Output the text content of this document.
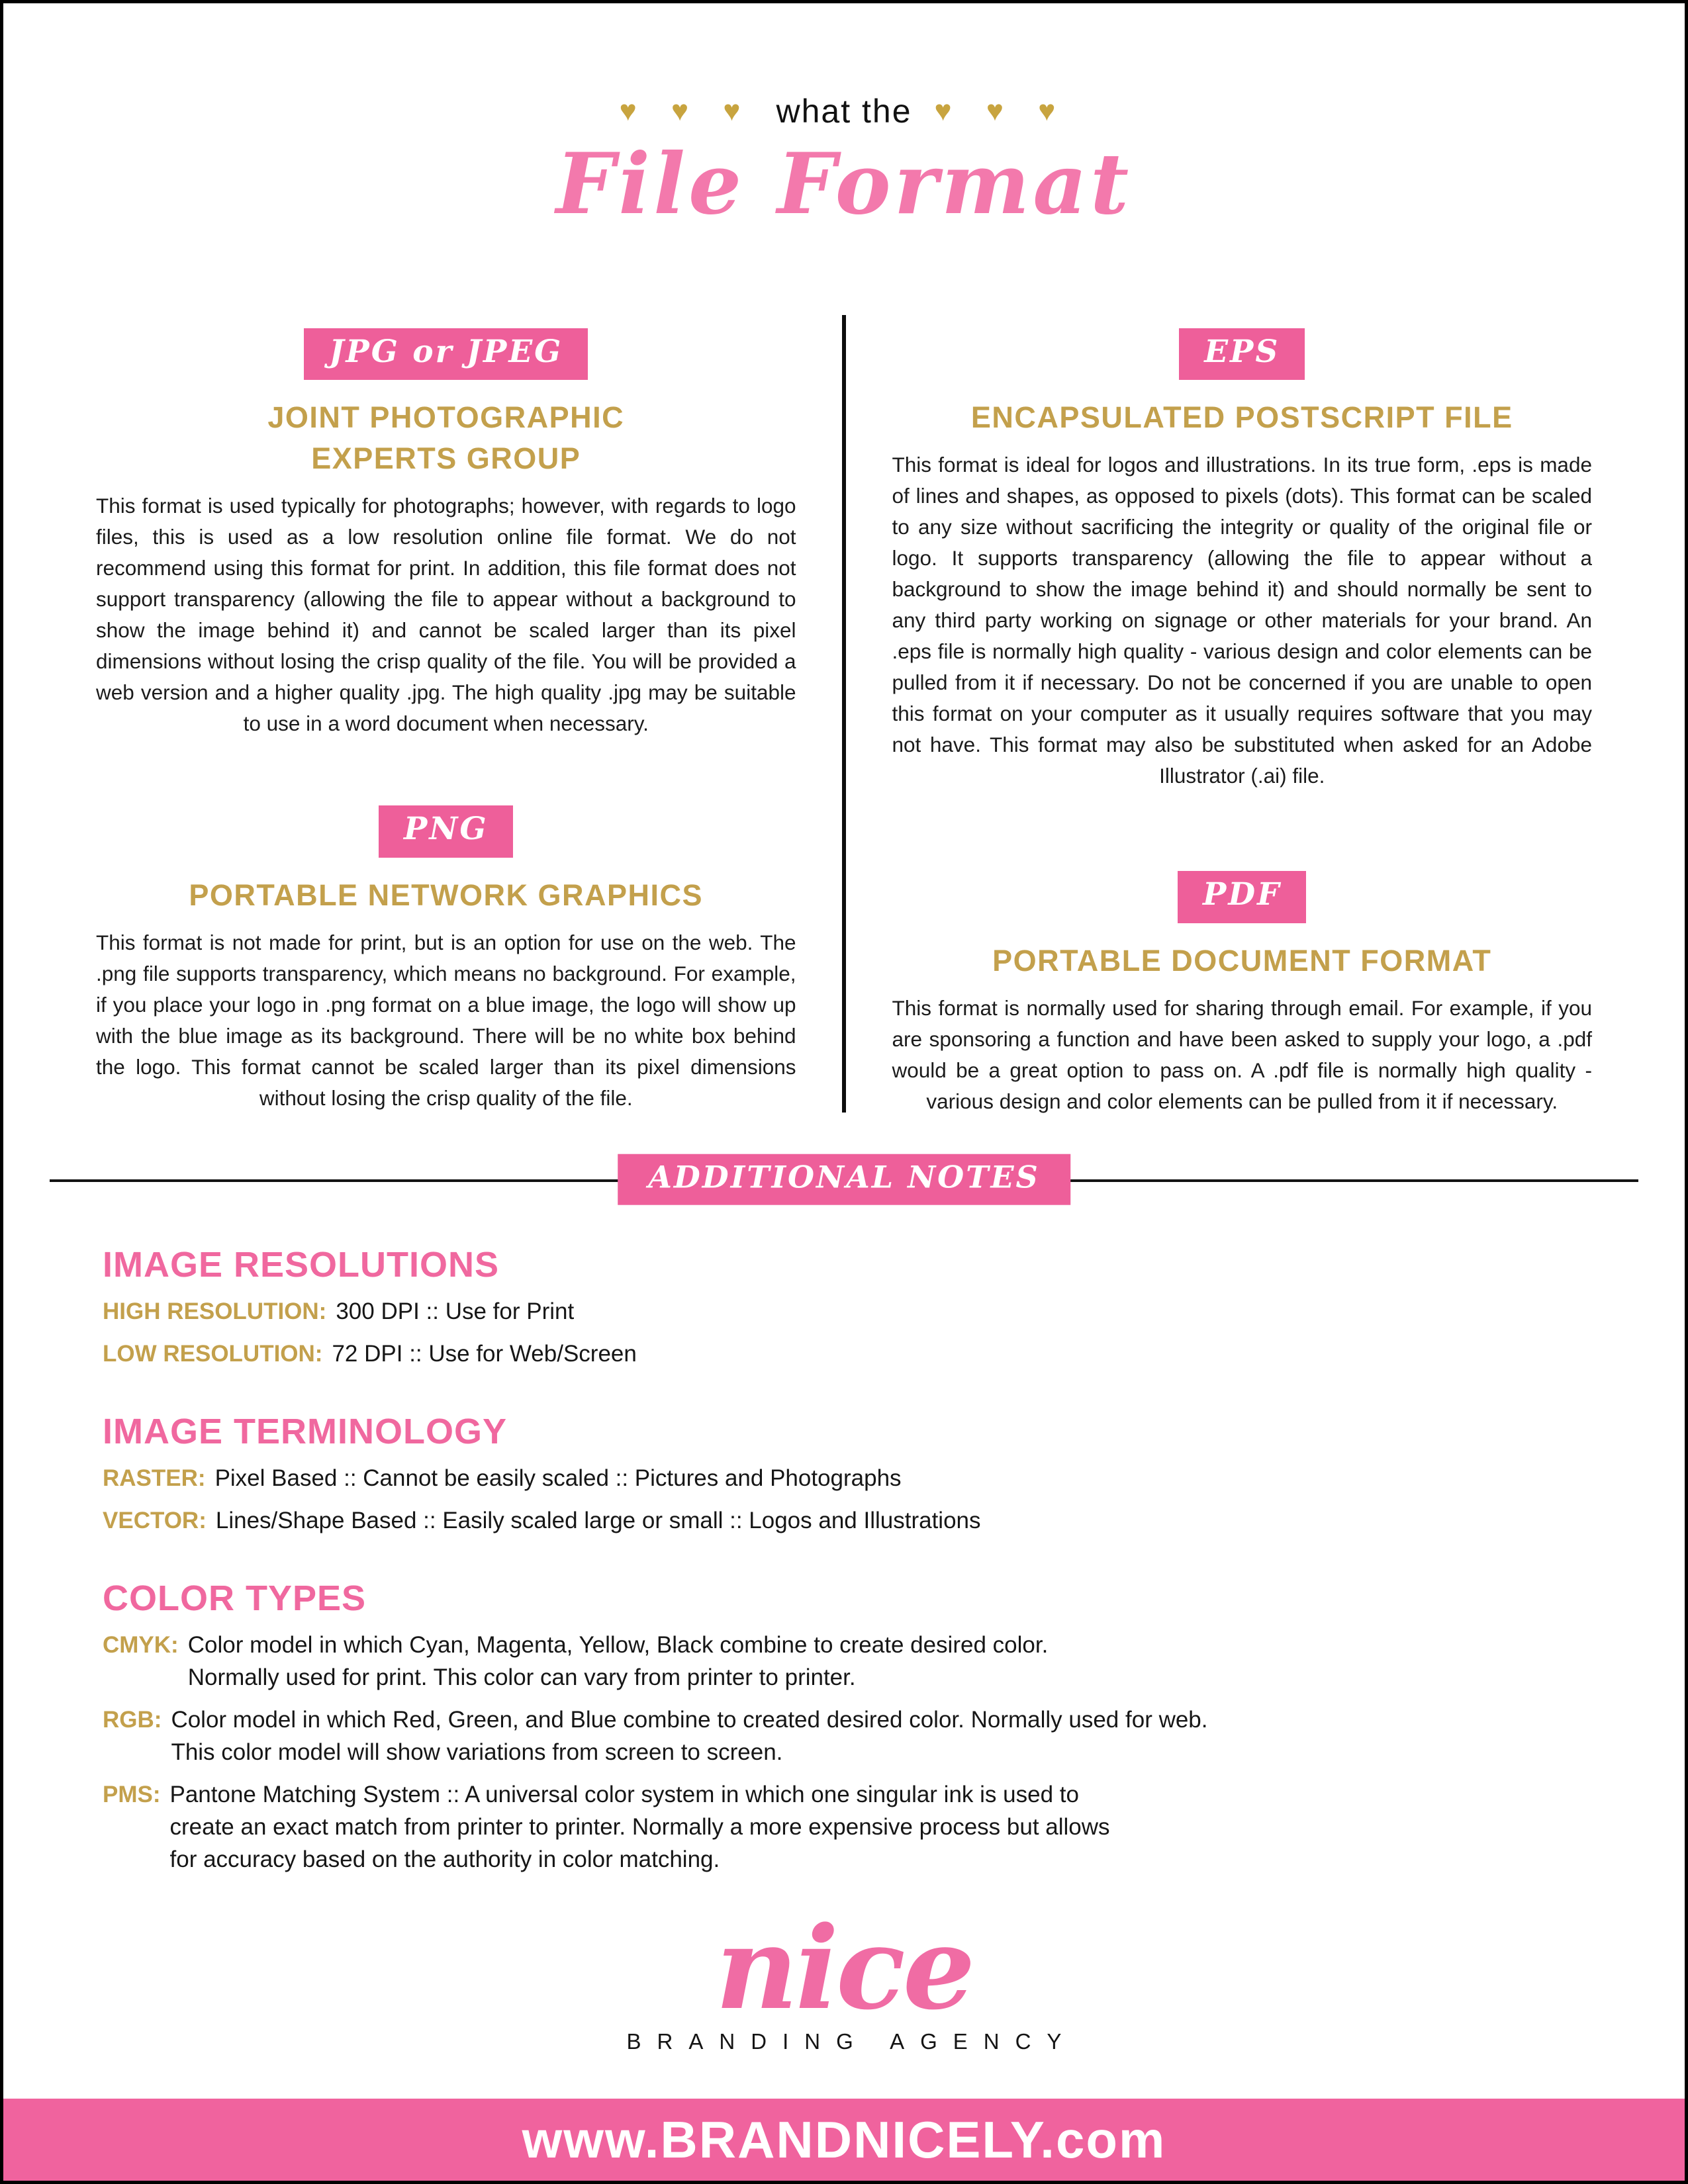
♥ ♥ ♥ what the ♥ ♥ ♥
File Format
JPG or JPEG
JOINT PHOTOGRAPHIC
EXPERTS GROUP

This format is used typically for photographs; however, with regards to logo files, this is used as a low resolution online file format. We do not recommend using this format for print. In addition, this file format does not support transparency (allowing the file to appear without a background to show the image behind it) and cannot be scaled larger than its pixel dimensions without losing the crisp quality of the file. You will be provided a web version and a higher quality .jpg. The high quality .jpg may be suitable to use in a word document when necessary.

PNG
PORTABLE NETWORK GRAPHICS

This format is not made for print, but is an option for use on the web. The .png file supports transparency, which means no background. For example, if you place your logo in .png format on a blue image, the logo will show up with the blue image as its background. There will be no white box behind the logo. This format cannot be scaled larger than its pixel dimensions without losing the crisp quality of the file.

EPS
ENCAPSULATED POSTSCRIPT FILE

This format is ideal for logos and illustrations. In its true form, .eps is made of lines and shapes, as opposed to pixels (dots). This format can be scaled to any size without sacrificing the integrity or quality of the original file or logo. It supports transparency (allowing the file to appear without a background to show the image behind it) and should normally be sent to any third party working on signage or other materials for your brand. An .eps file is normally high quality - various design and color elements can be pulled from it if necessary. Do not be concerned if you are unable to open this format on your computer as it usually requires software that you may not have. This format may also be substituted when asked for an Adobe Illustrator (.ai) file.

PDF
PORTABLE DOCUMENT FORMAT

This format is normally used for sharing through email. For example, if you are sponsoring a function and have been asked to supply your logo, a .pdf would be a great option to pass on. A .pdf file is normally high quality - various design and color elements can be pulled from it if necessary.

ADDITIONAL NOTES
IMAGE RESOLUTIONS
HIGH RESOLUTION: 300 DPI :: Use for Print
LOW RESOLUTION: 72 DPI :: Use for Web/Screen
IMAGE TERMINOLOGY
RASTER: Pixel Based :: Cannot be easily scaled :: Pictures and Photographs
VECTOR: Lines/Shape Based :: Easily scaled large or small :: Logos and Illustrations
COLOR TYPES
CMYK: Color model in which Cyan, Magenta, Yellow, Black combine to create desired color.
Normally used for print. This color can vary from printer to printer.
RGB: Color model in which Red, Green, and Blue combine to created desired color. Normally used for web.
This color model will show variations from screen to screen.
PMS: Pantone Matching System :: A universal color system in which one singular ink is used to
create an exact match from printer to printer. Normally a more expensive process but allows
for accuracy based on the authority in color matching.
nice
BRANDING AGENCY
www.BRANDNICELY.com
